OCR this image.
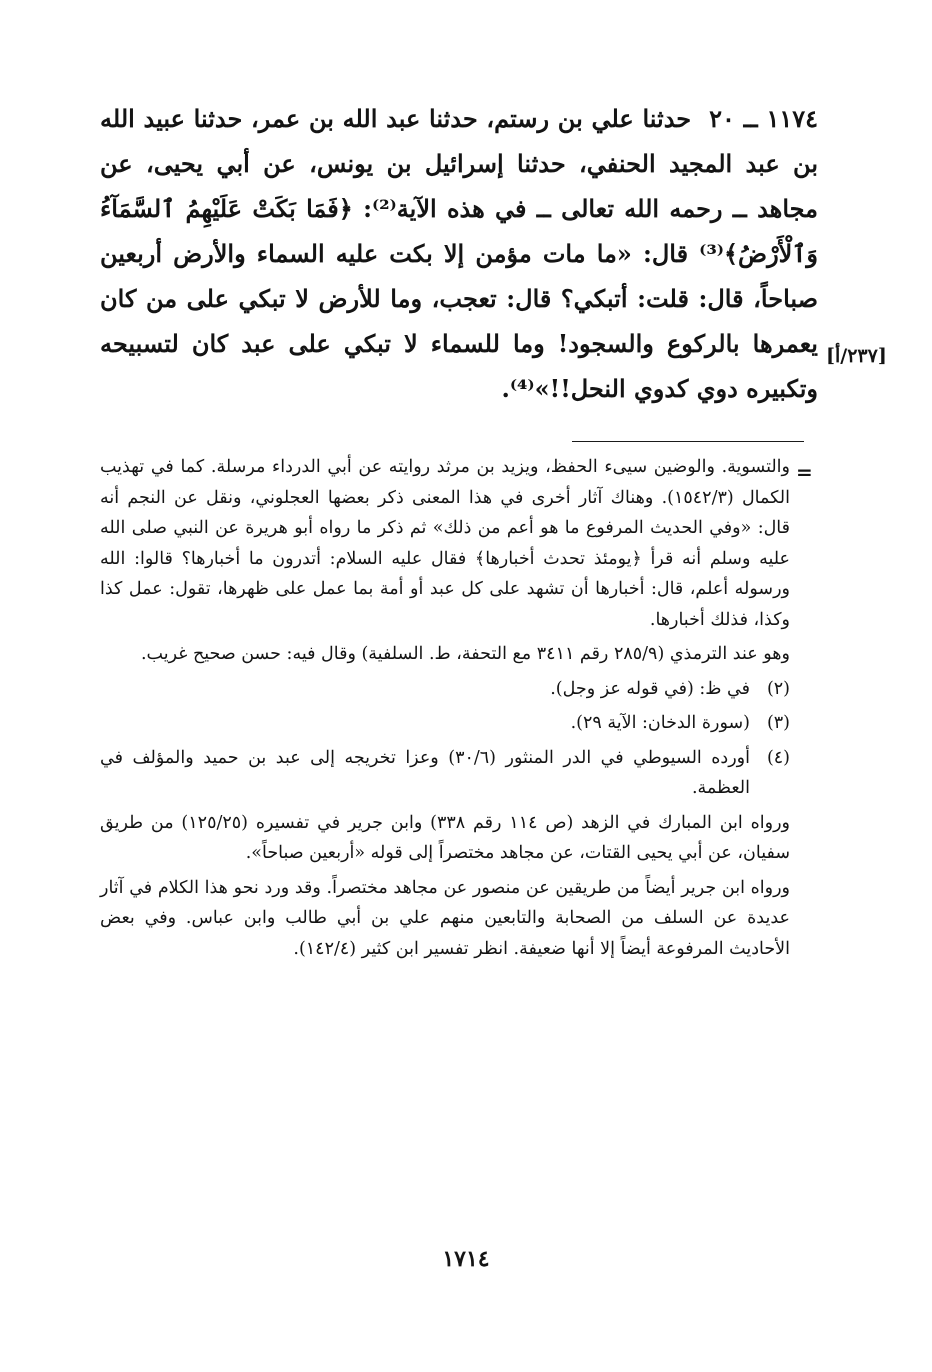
١١٧٤ ــ ٢٠حدثنا علي بن رستم، حدثنا عبد الله بن عمر، حدثنا عبيد الله بن عبد المجيد الحنفي، حدثنا إسرائيل بن يونس، عن أبي يحيى، عن مجاهد ــ رحمه الله تعالى ــ في هذه الآية⁽²⁾: ﴿فَمَا بَكَتْ عَلَيْهِمُ ٱلسَّمَآءُ وَٱلْأَرْضُ﴾⁽³⁾ قال: «ما مات مؤمن إلا بكت عليه السماء والأرض أربعين صباحاً، قال: قلت: أتبكي؟ قال: تعجب، وما للأرض لا تبكي على من كان يعمرها بالركوع والسجود! وما للسماء لا تبكي على عبد كان لتسبيحه وتكبيره دوي كدوي النحل!!»⁽⁴⁾.

[٢٣٧/أ]
=

والتسوية. والوضين سيىء الحفظ، ويزيد بن مرثد روايته عن أبي الدرداء مرسلة. كما في تهذيب الكمال (١٥٤٢/٣). وهناك آثار أخرى في هذا المعنى ذكر بعضها العجلوني، ونقل عن النجم أنه قال: «وفي الحديث المرفوع ما هو أعم من ذلك» ثم ذكر ما رواه أبو هريرة عن النبي صلى الله عليه وسلم أنه قرأ ﴿يومئذ تحدث أخبارها﴾ فقال عليه السلام: أتدرون ما أخبارها؟ قالوا: الله ورسوله أعلم، قال: أخبارها أن تشهد على كل عبد أو أمة بما عمل على ظهرها، تقول: عمل كذا وكذا، فذلك أخبارها.

وهو عند الترمذي (٢٨٥/٩ رقم ٣٤١١ مع التحفة، ط. السلفية) وقال فيه: حسن صحيح غريب.

(٢)في ظ: (في قوله عز وجل).

(٣)(سورة الدخان: الآية ٢٩).

(٤)أورده السيوطي في الدر المنثور (٣٠/٦) وعزا تخريجه إلى عبد بن حميد والمؤلف في العظمة.

ورواه ابن المبارك في الزهد (ص ١١٤ رقم ٣٣٨) وابن جرير في تفسيره (١٢٥/٢٥) من طريق سفيان، عن أبي يحيى القتات، عن مجاهد مختصراً إلى قوله «أربعين صباحاً».

ورواه ابن جرير أيضاً من طريقين عن منصور عن مجاهد مختصراً. وقد ورد نحو هذا الكلام في آثار عديدة عن السلف من الصحابة والتابعين منهم علي بن أبي طالب وابن عباس. وفي بعض الأحاديث المرفوعة أيضاً إلا أنها ضعيفة. انظر تفسير ابن كثير (١٤٢/٤).

١٧١٤
